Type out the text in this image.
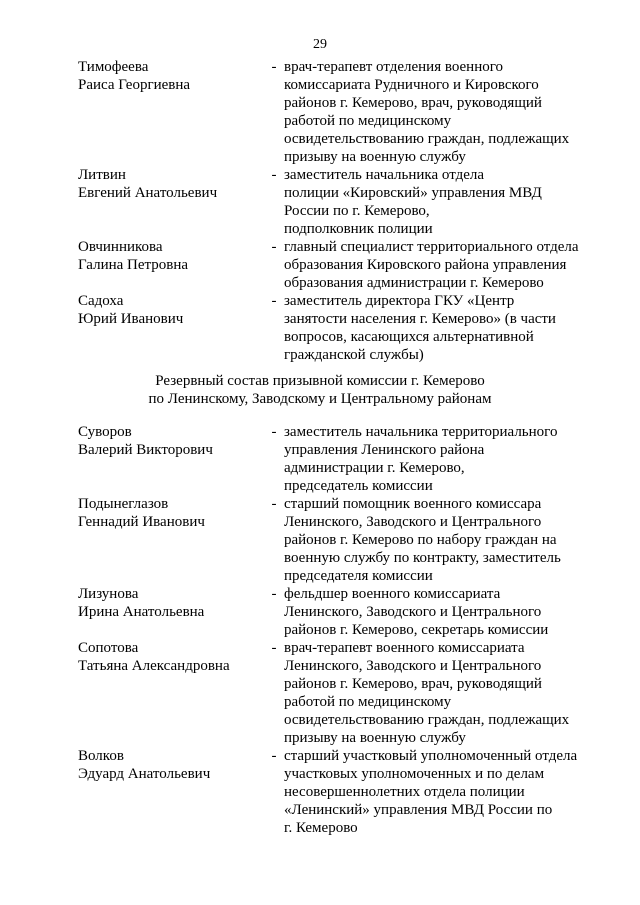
29
Тимофеева
Раиса Георгиевна
- врач-терапевт отделения военного
комиссариата Рудничного и Кировского
районов г. Кемерово, врач, руководящий
работой по медицинскому
освидетельствованию граждан, подлежащих
призыву на военную службу
Литвин
Евгений Анатольевич
- заместитель начальника отдела
полиции «Кировский» управления МВД
России по г. Кемерово,
подполковник полиции
Овчинникова
Галина Петровна
- главный специалист территориального отдела
образования Кировского района управления
образования администрации г. Кемерово
Садоха
Юрий Иванович
- заместитель директора ГКУ «Центр
занятости населения г. Кемерово» (в части
вопросов, касающихся альтернативной
гражданской службы)
Резервный состав призывной комиссии г. Кемерово
по Ленинскому, Заводскому и Центральному районам
Суворов
Валерий Викторович
- заместитель начальника территориального
управления Ленинского района
администрации г. Кемерово,
председатель комиссии
Подынеглазов
Геннадий Иванович
- старший помощник военного комиссара
Ленинского, Заводского и Центрального
районов г. Кемерово по набору граждан на
военную службу по контракту, заместитель
председателя комиссии
Лизунова
Ирина Анатольевна
- фельдшер военного комиссариата
Ленинского, Заводского и Центрального
районов г. Кемерово, секретарь комиссии
Сопотова
Татьяна Александровна
- врач-терапевт военного комиссариата
Ленинского, Заводского и Центрального
районов г. Кемерово, врач, руководящий
работой по медицинскому
освидетельствованию граждан, подлежащих
призыву на военную службу
Волков
Эдуард Анатольевич
- старший участковый уполномоченный отдела
участковых уполномоченных и по делам
несовершеннолетних отдела полиции
«Ленинский» управления МВД России по
г. Кемерово
